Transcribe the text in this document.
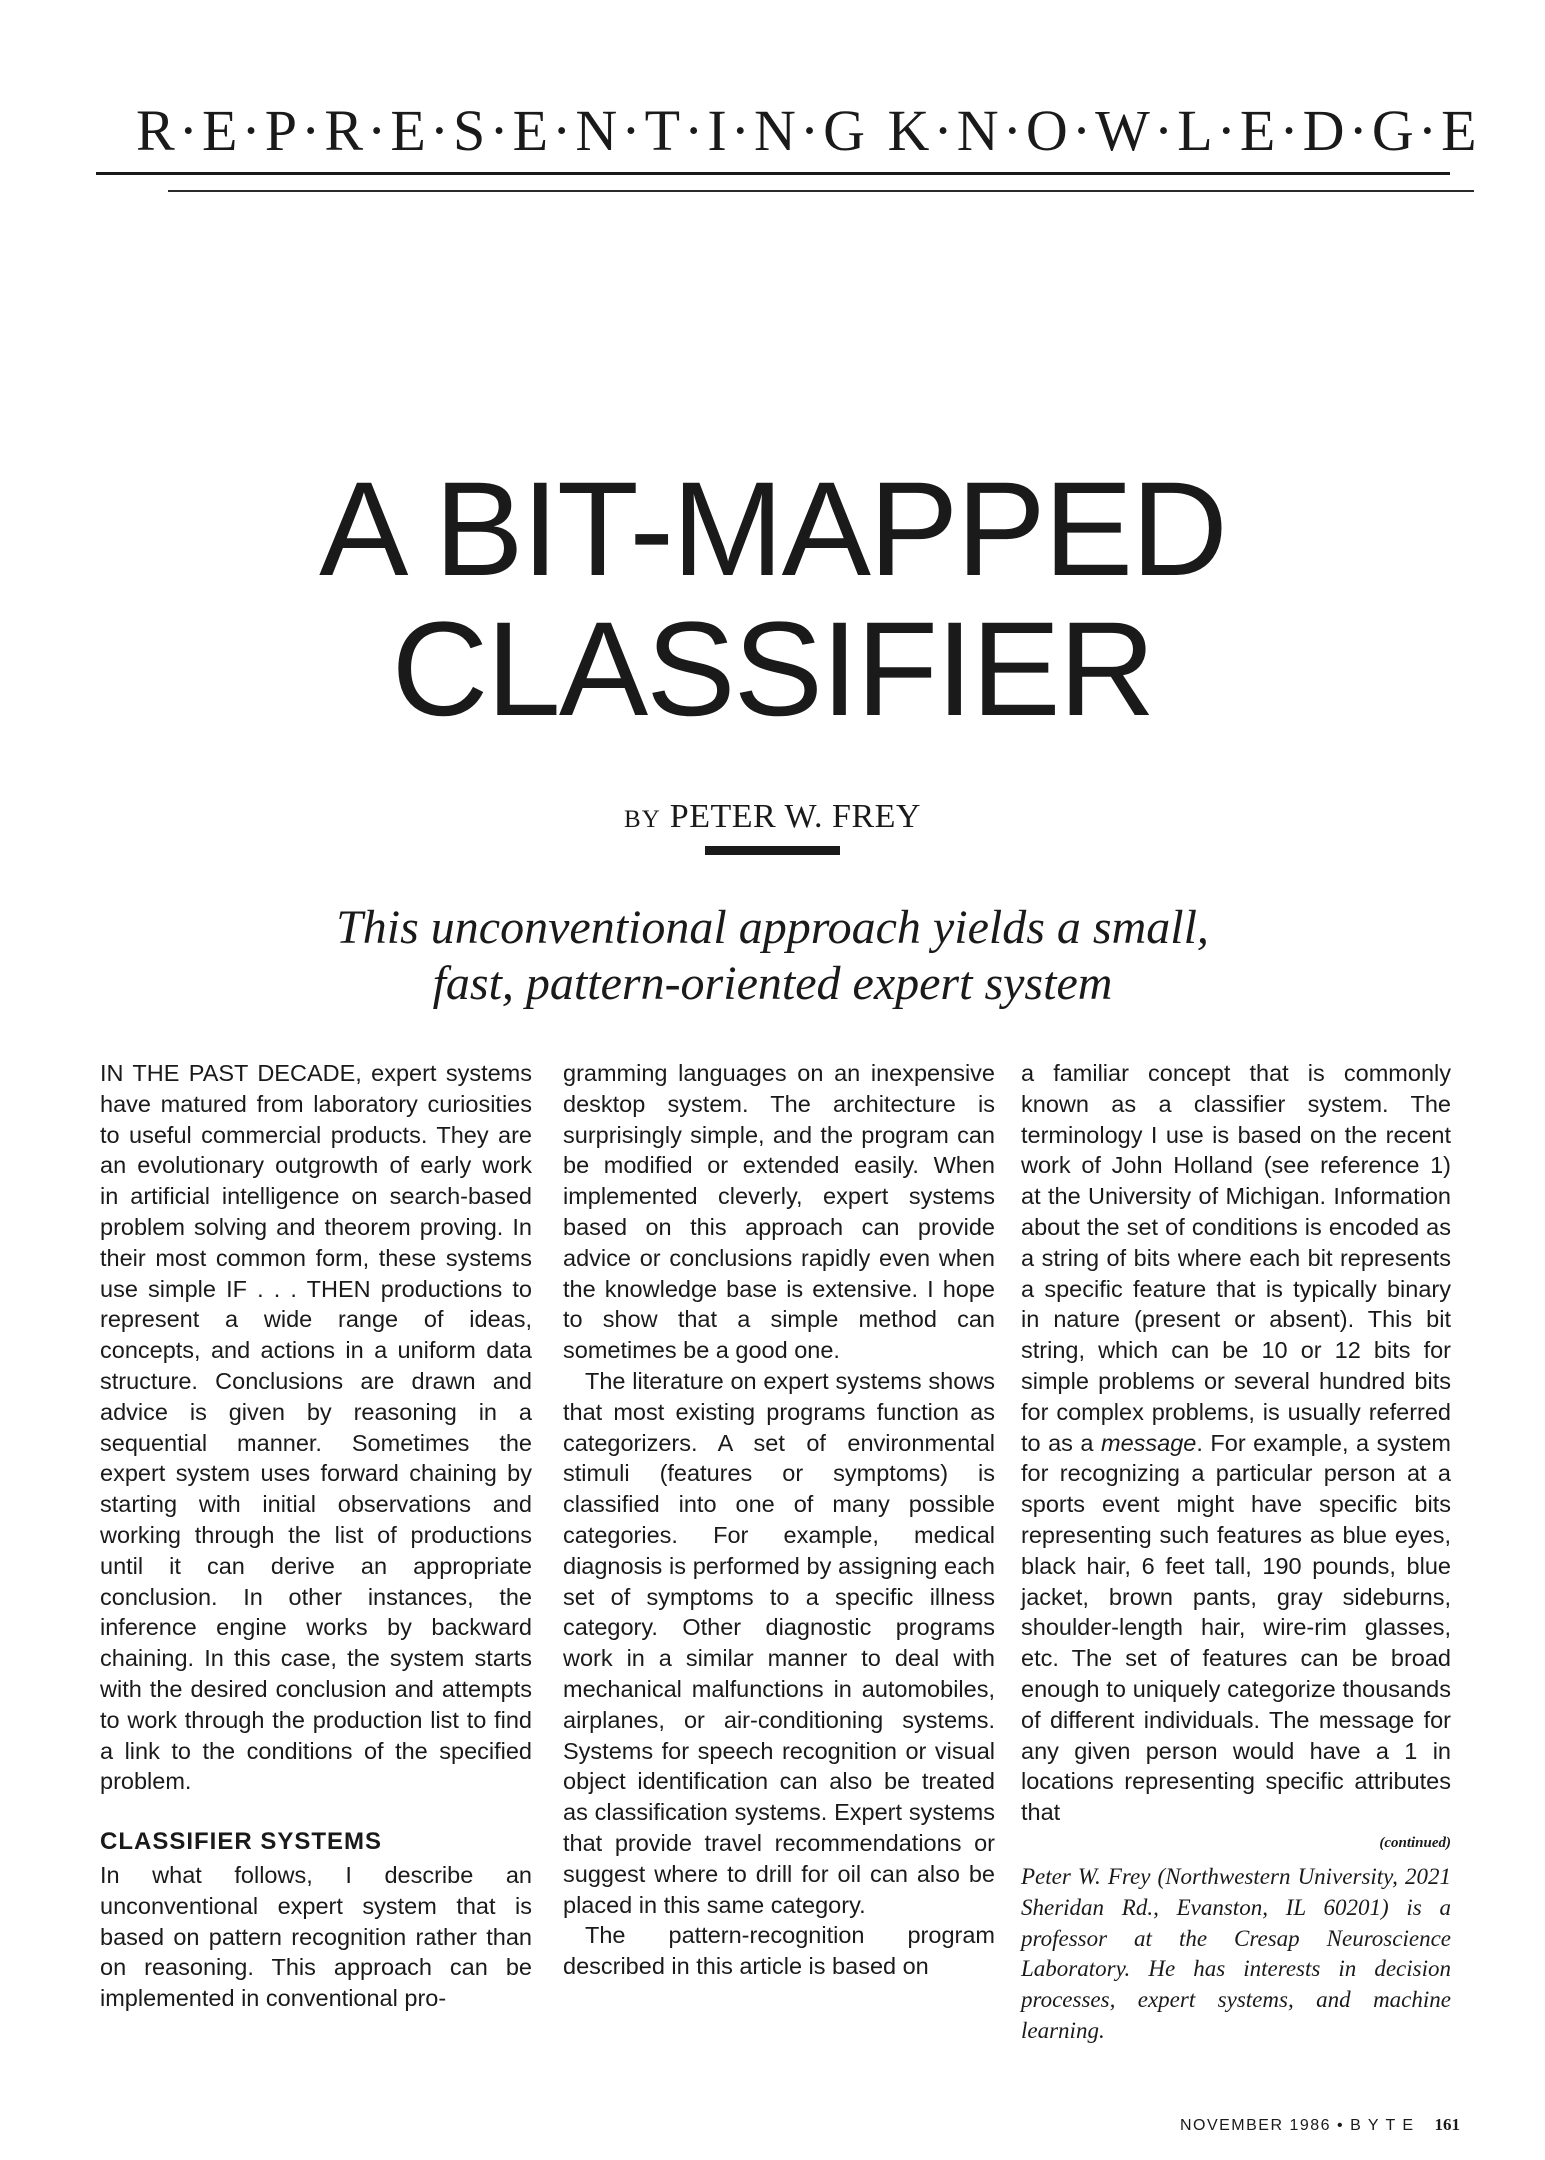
R·E·P·R·E·S·E·N·T·I·N·G K·N·O·W·L·E·D·G·E
A BIT-MAPPED
CLASSIFIER
BY PETER W. FREY
This unconventional approach yields a small,
fast, pattern-oriented expert system

IN THE PAST DECADE, expert systems have matured from laboratory curiosities to useful commercial products. They are an evolutionary outgrowth of early work in artificial intelligence on search-based problem solving and theorem proving. In their most common form, these systems use simple IF . . . THEN productions to represent a wide range of ideas, concepts, and actions in a uniform data structure. Conclusions are drawn and advice is given by reasoning in a sequential manner. Sometimes the expert system uses forward chaining by starting with initial observations and working through the list of productions until it can derive an appropriate conclusion. In other instances, the inference engine works by backward chaining. In this case, the system starts with the desired conclusion and attempts to work through the production list to find a link to the conditions of the specified problem.

CLASSIFIER SYSTEMS

In what follows, I describe an unconventional expert system that is based on pattern recognition rather than on reasoning. This approach can be implemented in conventional pro-

gramming languages on an inexpensive desktop system. The architecture is surprisingly simple, and the program can be modified or extended easily. When implemented cleverly, expert systems based on this approach can provide advice or conclusions rapidly even when the knowledge base is extensive. I hope to show that a simple method can sometimes be a good one.

The literature on expert systems shows that most existing programs function as categorizers. A set of environmental stimuli (features or symptoms) is classified into one of many possible categories. For example, medical diagnosis is performed by assigning each set of symptoms to a specific illness category. Other diagnostic programs work in a similar manner to deal with mechanical malfunctions in automobiles, airplanes, or air-conditioning systems. Systems for speech recognition or visual object identification can also be treated as classification systems. Expert systems that provide travel recommendations or suggest where to drill for oil can also be placed in this same category.

The pattern-recognition program described in this article is based on

a familiar concept that is commonly known as a classifier system. The terminology I use is based on the recent work of John Holland (see reference 1) at the University of Michigan. Information about the set of conditions is encoded as a string of bits where each bit represents a specific feature that is typically binary in nature (present or absent). This bit string, which can be 10 or 12 bits for simple problems or several hundred bits for complex problems, is usually referred to as a message. For example, a system for recognizing a particular person at a sports event might have specific bits representing such features as blue eyes, black hair, 6 feet tall, 190 pounds, blue jacket, brown pants, gray sideburns, shoulder-length hair, wire-rim glasses, etc. The set of features can be broad enough to uniquely categorize thousands of different individuals. The message for any given person would have a 1 in locations representing specific attributes that

(continued)
Peter W. Frey (Northwestern University, 2021 Sheridan Rd., Evanston, IL 60201) is a professor at the Cresap Neuroscience Laboratory. He has interests in decision processes, expert systems, and machine learning.
NOVEMBER 1986 • B Y T E 161
